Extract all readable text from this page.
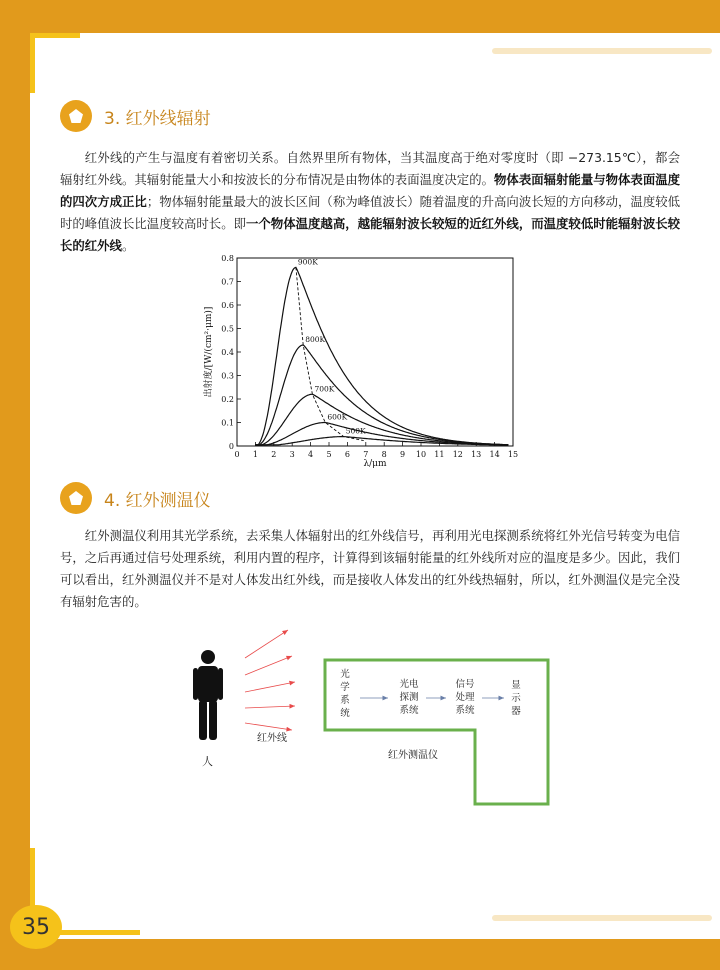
3. 红外线辐射
红外线的产生与温度有着密切关系。自然界里所有物体，当其温度高于绝对零度时（即 −273.15℃），都会辐射红外线。其辐射能量大小和按波长的分布情况是由物体的表面温度决定的。物体表面辐射能量与物体表面温度的四次方成正比；物体辐射能量最大的波长区间（称为峰值波长）随着温度的升高向波长短的方向移动，温度较低时的峰值波长比温度较高时长。即一个物体温度越高，越能辐射波长较短的近红外线，而温度较低时能辐射波长较长的红外线。
0 1 2 3 4 5 6 7 8 9 10 11 12 13 14 15
0
0.1
0.2
0.3
0.4
0.5
0.6
0.7
0.8
λ/μm
出射度/[W/(cm²·μm)]
900K
800K
700K
600K
500K
4. 红外测温仪
红外测温仪利用其光学系统，去采集人体辐射出的红外线信号，再利用光电探测系统将红外光信号转变为电信号，之后再通过信号处理系统，利用内置的程序，计算得到该辐射能量的红外线所对应的温度是多少。因此，我们可以看出，红外测温仪并不是对人体发出红外线，而是接收人体发出的红外线热辐射，所以，红外测温仪是完全没有辐射危害的。
人
红外线
红外测温仪
光
学
系
统
光电
探测
系统
信号
处理
系统
显
示
器
35
